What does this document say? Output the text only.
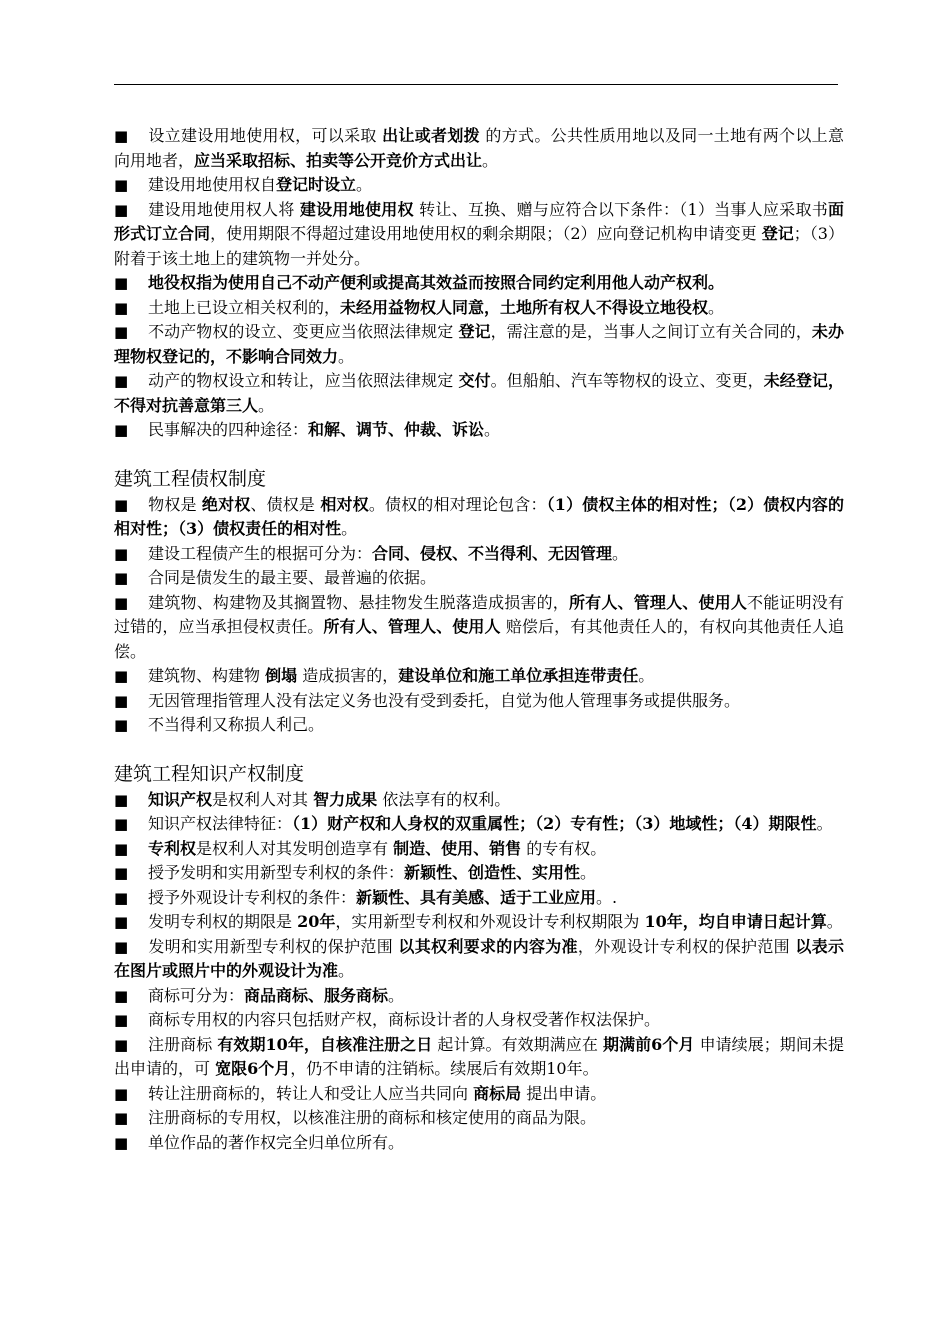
■ 设立建设用地使用权，可以采取 出让或者划拨 的方式。公共性质用地以及同一土地有两个以上意向用地者，应当采取招标、拍卖等公开竞价方式出让。

■ 建设用地使用权自登记时设立。

■ 建设用地使用权人将 建设用地使用权 转让、互换、赠与应符合以下条件：（1）当事人应采取书面形式订立合同，使用期限不得超过建设用地使用权的剩余期限；（2）应向登记机构申请变更 登记；（3）附着于该土地上的建筑物一并处分。

■ 地役权指为使用自己不动产便利或提高其效益而按照合同约定利用他人动产权利。

■ 土地上已设立相关权利的，未经用益物权人同意，土地所有权人不得设立地役权。

■ 不动产物权的设立、变更应当依照法律规定 登记，需注意的是，当事人之间订立有关合同的，未办理物权登记的，不影响合同效力。

■ 动产的物权设立和转让，应当依照法律规定 交付。但船舶、汽车等物权的设立、变更，未经登记，不得对抗善意第三人。

■ 民事解决的四种途径：和解、调节、仲裁、诉讼。

建筑工程债权制度

■ 物权是 绝对权、债权是 相对权。债权的相对理论包含：（1）债权主体的相对性；（2）债权内容的相对性；（3）债权责任的相对性。

■ 建设工程债产生的根据可分为：合同、侵权、不当得利、无因管理。

■ 合同是债发生的最主要、最普遍的依据。

■ 建筑物、构建物及其搁置物、悬挂物发生脱落造成损害的，所有人、管理人、使用人不能证明没有过错的，应当承担侵权责任。所有人、管理人、使用人 赔偿后，有其他责任人的，有权向其他责任人追偿。

■ 建筑物、构建物 倒塌 造成损害的，建设单位和施工单位承担连带责任。

■ 无因管理指管理人没有法定义务也没有受到委托，自觉为他人管理事务或提供服务。

■ 不当得利又称损人利己。

建筑工程知识产权制度

■ 知识产权是权利人对其 智力成果 依法享有的权利。

■ 知识产权法律特征：（1）财产权和人身权的双重属性；（2）专有性；（3）地域性；（4）期限性。

■ 专利权是权利人对其发明创造享有 制造、使用、销售 的专有权。

■ 授予发明和实用新型专利权的条件：新颖性、创造性、实用性。

■ 授予外观设计专利权的条件：新颖性、具有美感、适于工业应用。.

■ 发明专利权的期限是 20年，实用新型专利权和外观设计专利权期限为 10年，均自申请日起计算。

■ 发明和实用新型专利权的保护范围 以其权利要求的内容为准，外观设计专利权的保护范围 以表示在图片或照片中的外观设计为准。

■ 商标可分为：商品商标、服务商标。

■ 商标专用权的内容只包括财产权，商标设计者的人身权受著作权法保护。

■ 注册商标 有效期10年，自核准注册之日 起计算。有效期满应在 期满前6个月 申请续展；期间未提出申请的，可 宽限6个月，仍不申请的注销标。续展后有效期10年。

■ 转让注册商标的，转让人和受让人应当共同向 商标局 提出申请。

■ 注册商标的专用权，以核准注册的商标和核定使用的商品为限。

■ 单位作品的著作权完全归单位所有。
